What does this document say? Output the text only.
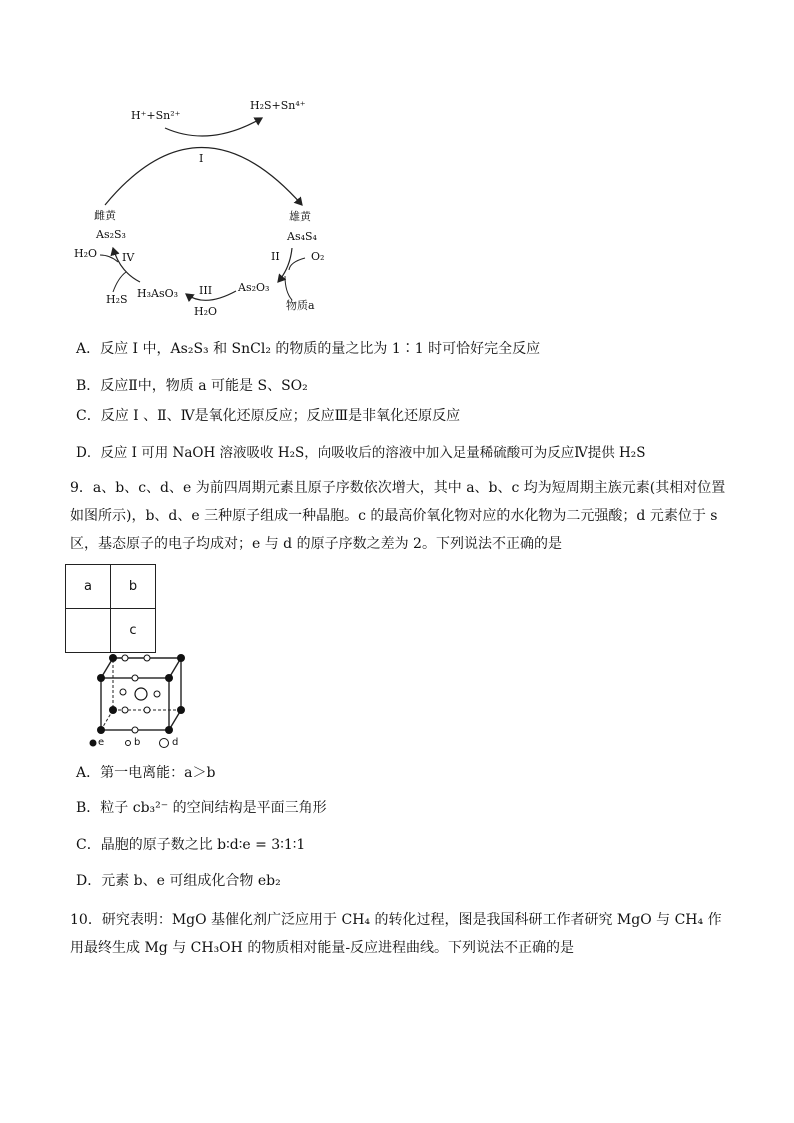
H⁺+Sn²⁺
H₂S+Sn⁴⁺
I
雌黄
As₂S₃
雄黄
As₄S₄
H₂O IV	II	O₂
H₃AsO₃ III As₂O₃
H₂S	物质a
H₂O
A．反应 I 中，As₂S₃ 和 SnCl₂ 的物质的量之比为 1∶1 时可恰好完全反应
B．反应Ⅱ中，物质 a 可能是 S、SO₂
C．反应 I 、Ⅱ、Ⅳ是氧化还原反应；反应Ⅲ是非氧化还原反应
D．反应 I 可用 NaOH 溶液吸收 H₂S，向吸收后的溶液中加入足量稀硫酸可为反应Ⅳ提供 H₂S
9．a、b、c、d、e 为前四周期元素且原子序数依次增大，其中 a、b、c 均为短周期主族元素(其相对位置如图所示)，b、d、e 三种原子组成一种晶胞。c 的最高价氧化物对应的水化物为二元强酸；d 元素位于 s 区，基态原子的电子均成对；e 与 d 的原子序数之差为 2。下列说法不正确的是
a	b
	c
e	b	d
A．第一电离能：a＞b
B．粒子 cb₃²⁻ 的空间结构是平面三角形
C．晶胞的原子数之比 b∶d∶e = 3∶1∶1
D．元素 b、e 可组成化合物 eb₂
10．研究表明：MgO 基催化剂广泛应用于 CH₄ 的转化过程，图是我国科研工作者研究 MgO 与 CH₄ 作用最终生成 Mg 与 CH₃OH 的物质相对能量-反应进程曲线。下列说法不正确的是
